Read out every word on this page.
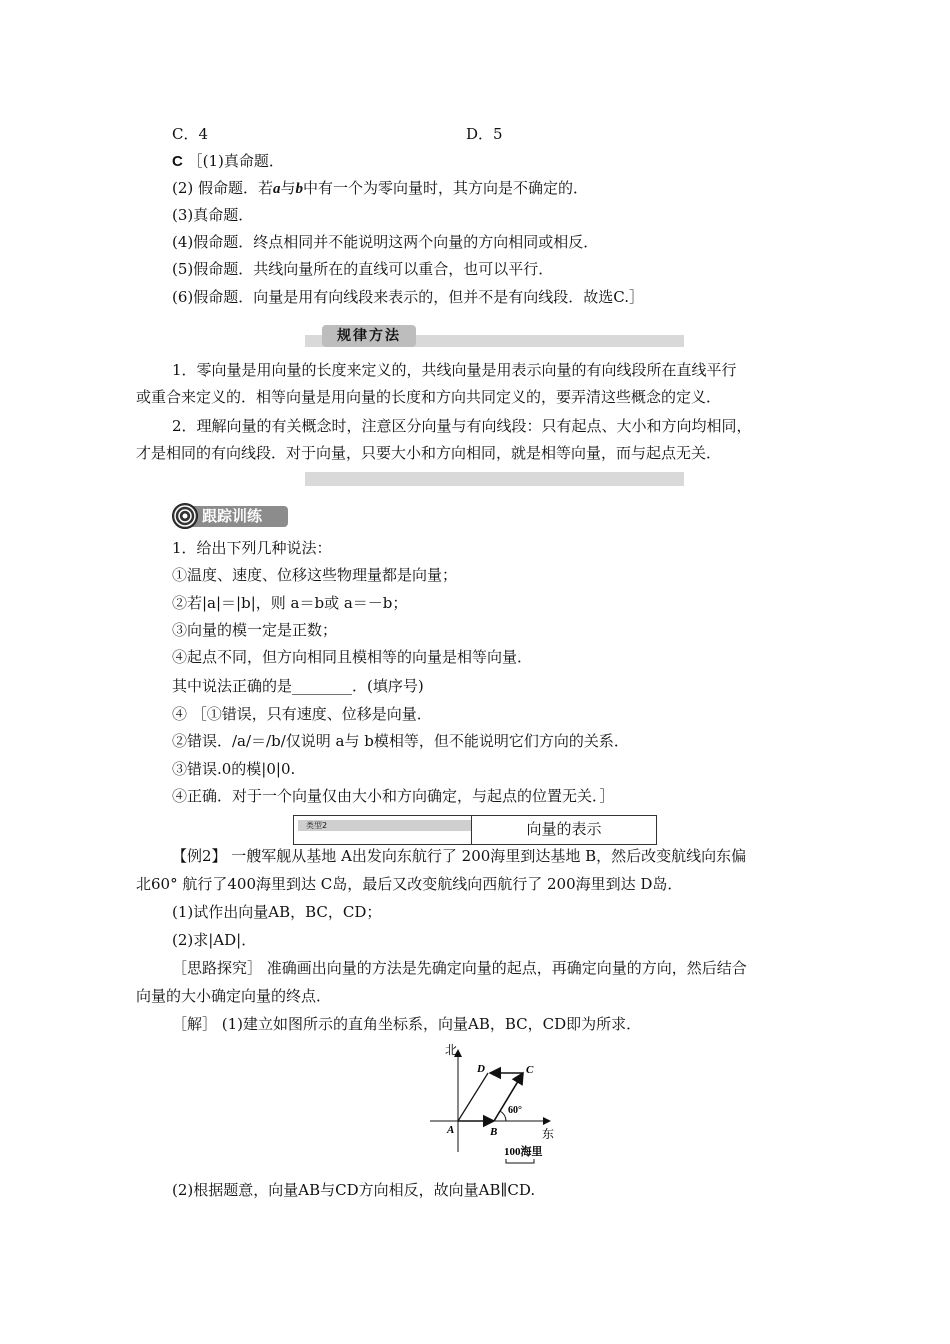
C．4	D．5
C ［(1)真命题．
(2) 假命题．若a与b中有一个为零向量时，其方向是不确定的．
(3)真命题．
(4)假命题．终点相同并不能说明这两个向量的方向相同或相反．
(5)假命题．共线向量所在的直线可以重合，也可以平行．
(6)假命题．向量是用有向线段来表示的，但并不是有向线段．故选C.］
规律方法
1．零向量是用向量的长度来定义的，共线向量是用表示向量的有向线段所在直线平行
或重合来定义的．相等向量是用向量的长度和方向共同定义的，要弄清这些概念的定义．
2．理解向量的有关概念时，注意区分向量与有向线段：只有起点、大小和方向均相同，
才是相同的有向线段．对于向量，只要大小和方向相同，就是相等向量，而与起点无关．
跟踪训练
1．给出下列几种说法：
①温度、速度、位移这些物理量都是向量；
②若|a|＝|b|，则 a＝b或 a＝－b；
③向量的模一定是正数；
④起点不同，但方向相同且模相等的向量是相等向量．
其中说法正确的是________．(填序号)
④ ［①错误，只有速度、位移是向量．
②错误．/a/＝/b/仅说明 a与 b模相等，但不能说明它们方向的关系．
③错误.0的模|0|0.
④正确．对于一个向量仅由大小和方向确定，与起点的位置无关．］
类型2	向量的表示
【例2】 一艘军舰从基地 A出发向东航行了 200海里到达基地 B，然后改变航线向东偏
北60° 航行了400海里到达 C岛，最后又改变航线向西航行了 200海里到达 D岛．
(1)试作出向量AB，BC，CD；
(2)求|AD|．
［思路探究］ 准确画出向量的方法是先确定向量的起点，再确定向量的方向，然后结合
向量的大小确定向量的终点．
［解］ (1)建立如图所示的直角坐标系，向量AB，BC，CD即为所求．
北
东
60°
A	B
C
D
100海里
(2)根据题意，向量AB与CD方向相反，故向量AB∥CD.
